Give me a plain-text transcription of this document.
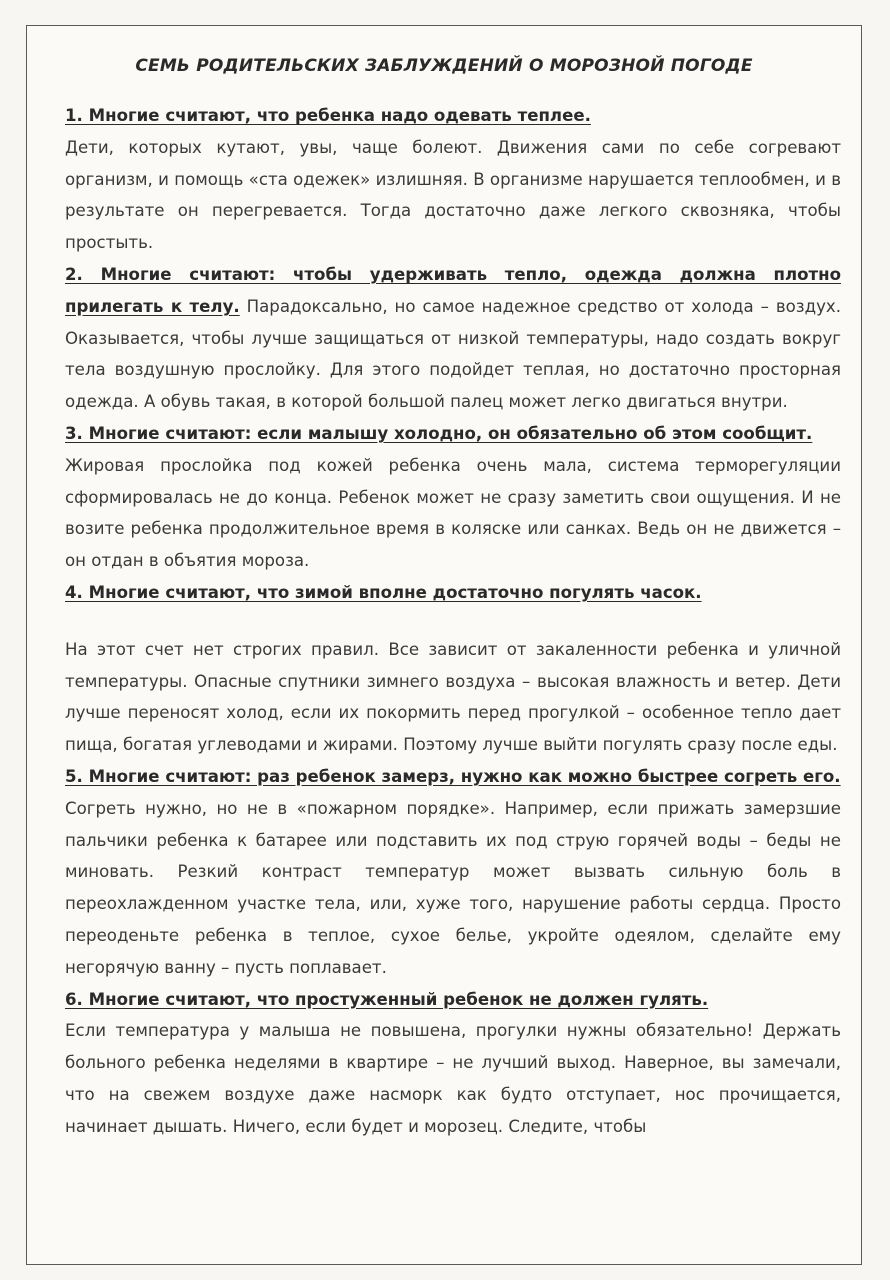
СЕМЬ РОДИТЕЛЬСКИХ ЗАБЛУЖДЕНИЙ О МОРОЗНОЙ ПОГОДЕ

1. Многие считают, что ребенка надо одевать теплее.

Дети, которых кутают, увы, чаще болеют. Движения сами по себе согревают организм, и помощь «ста одежек» излишняя. В организме нарушается теплообмен, и в результате он перегревается. Тогда достаточно даже легкого сквозняка, чтобы простыть.

2. Многие считают: чтобы удерживать тепло, одежда должна плотно прилегать к телу. Парадоксально, но самое надежное средство от холода – воздух. Оказывается, чтобы лучше защищаться от низкой температуры, надо создать вокруг тела воздушную прослойку. Для этого подойдет теплая, но достаточно просторная одежда. А обувь такая, в которой большой палец может легко двигаться внутри.

3. Многие считают: если малышу холодно, он обязательно об этом сообщит.

Жировая прослойка под кожей ребенка очень мала, система терморегуляции сформировалась не до конца. Ребенок может не сразу заметить свои ощущения. И не возите ребенка продолжительное время в коляске или санках. Ведь он не движется – он отдан в объятия мороза.

4. Многие считают, что зимой вполне достаточно погулять часок.

На этот счет нет строгих правил. Все зависит от закаленности ребенка и уличной температуры. Опасные спутники зимнего воздуха – высокая влажность и ветер. Дети лучше переносят холод, если их покормить перед прогулкой – особенное тепло дает пища, богатая углеводами и жирами. Поэтому лучше выйти погулять сразу после еды.

5. Многие считают: раз ребенок замерз, нужно как можно быстрее согреть его.

Согреть нужно, но не в «пожарном порядке». Например, если прижать замерзшие пальчики ребенка к батарее или подставить их под струю горячей воды – беды не миновать. Резкий контраст температур может вызвать сильную боль в переохлажденном участке тела, или, хуже того, нарушение работы сердца. Просто переоденьте ребенка в теплое, сухое белье, укройте одеялом, сделайте ему негорячую ванну – пусть поплавает.

6. Многие считают, что простуженный ребенок не должен гулять.

Если температура у малыша не повышена, прогулки нужны обязательно! Держать больного ребенка неделями в квартире – не лучший выход. Наверное, вы замечали, что на свежем воздухе даже насморк как будто отступает, нос прочищается, начинает дышать. Ничего, если будет и морозец. Следите, чтобы
